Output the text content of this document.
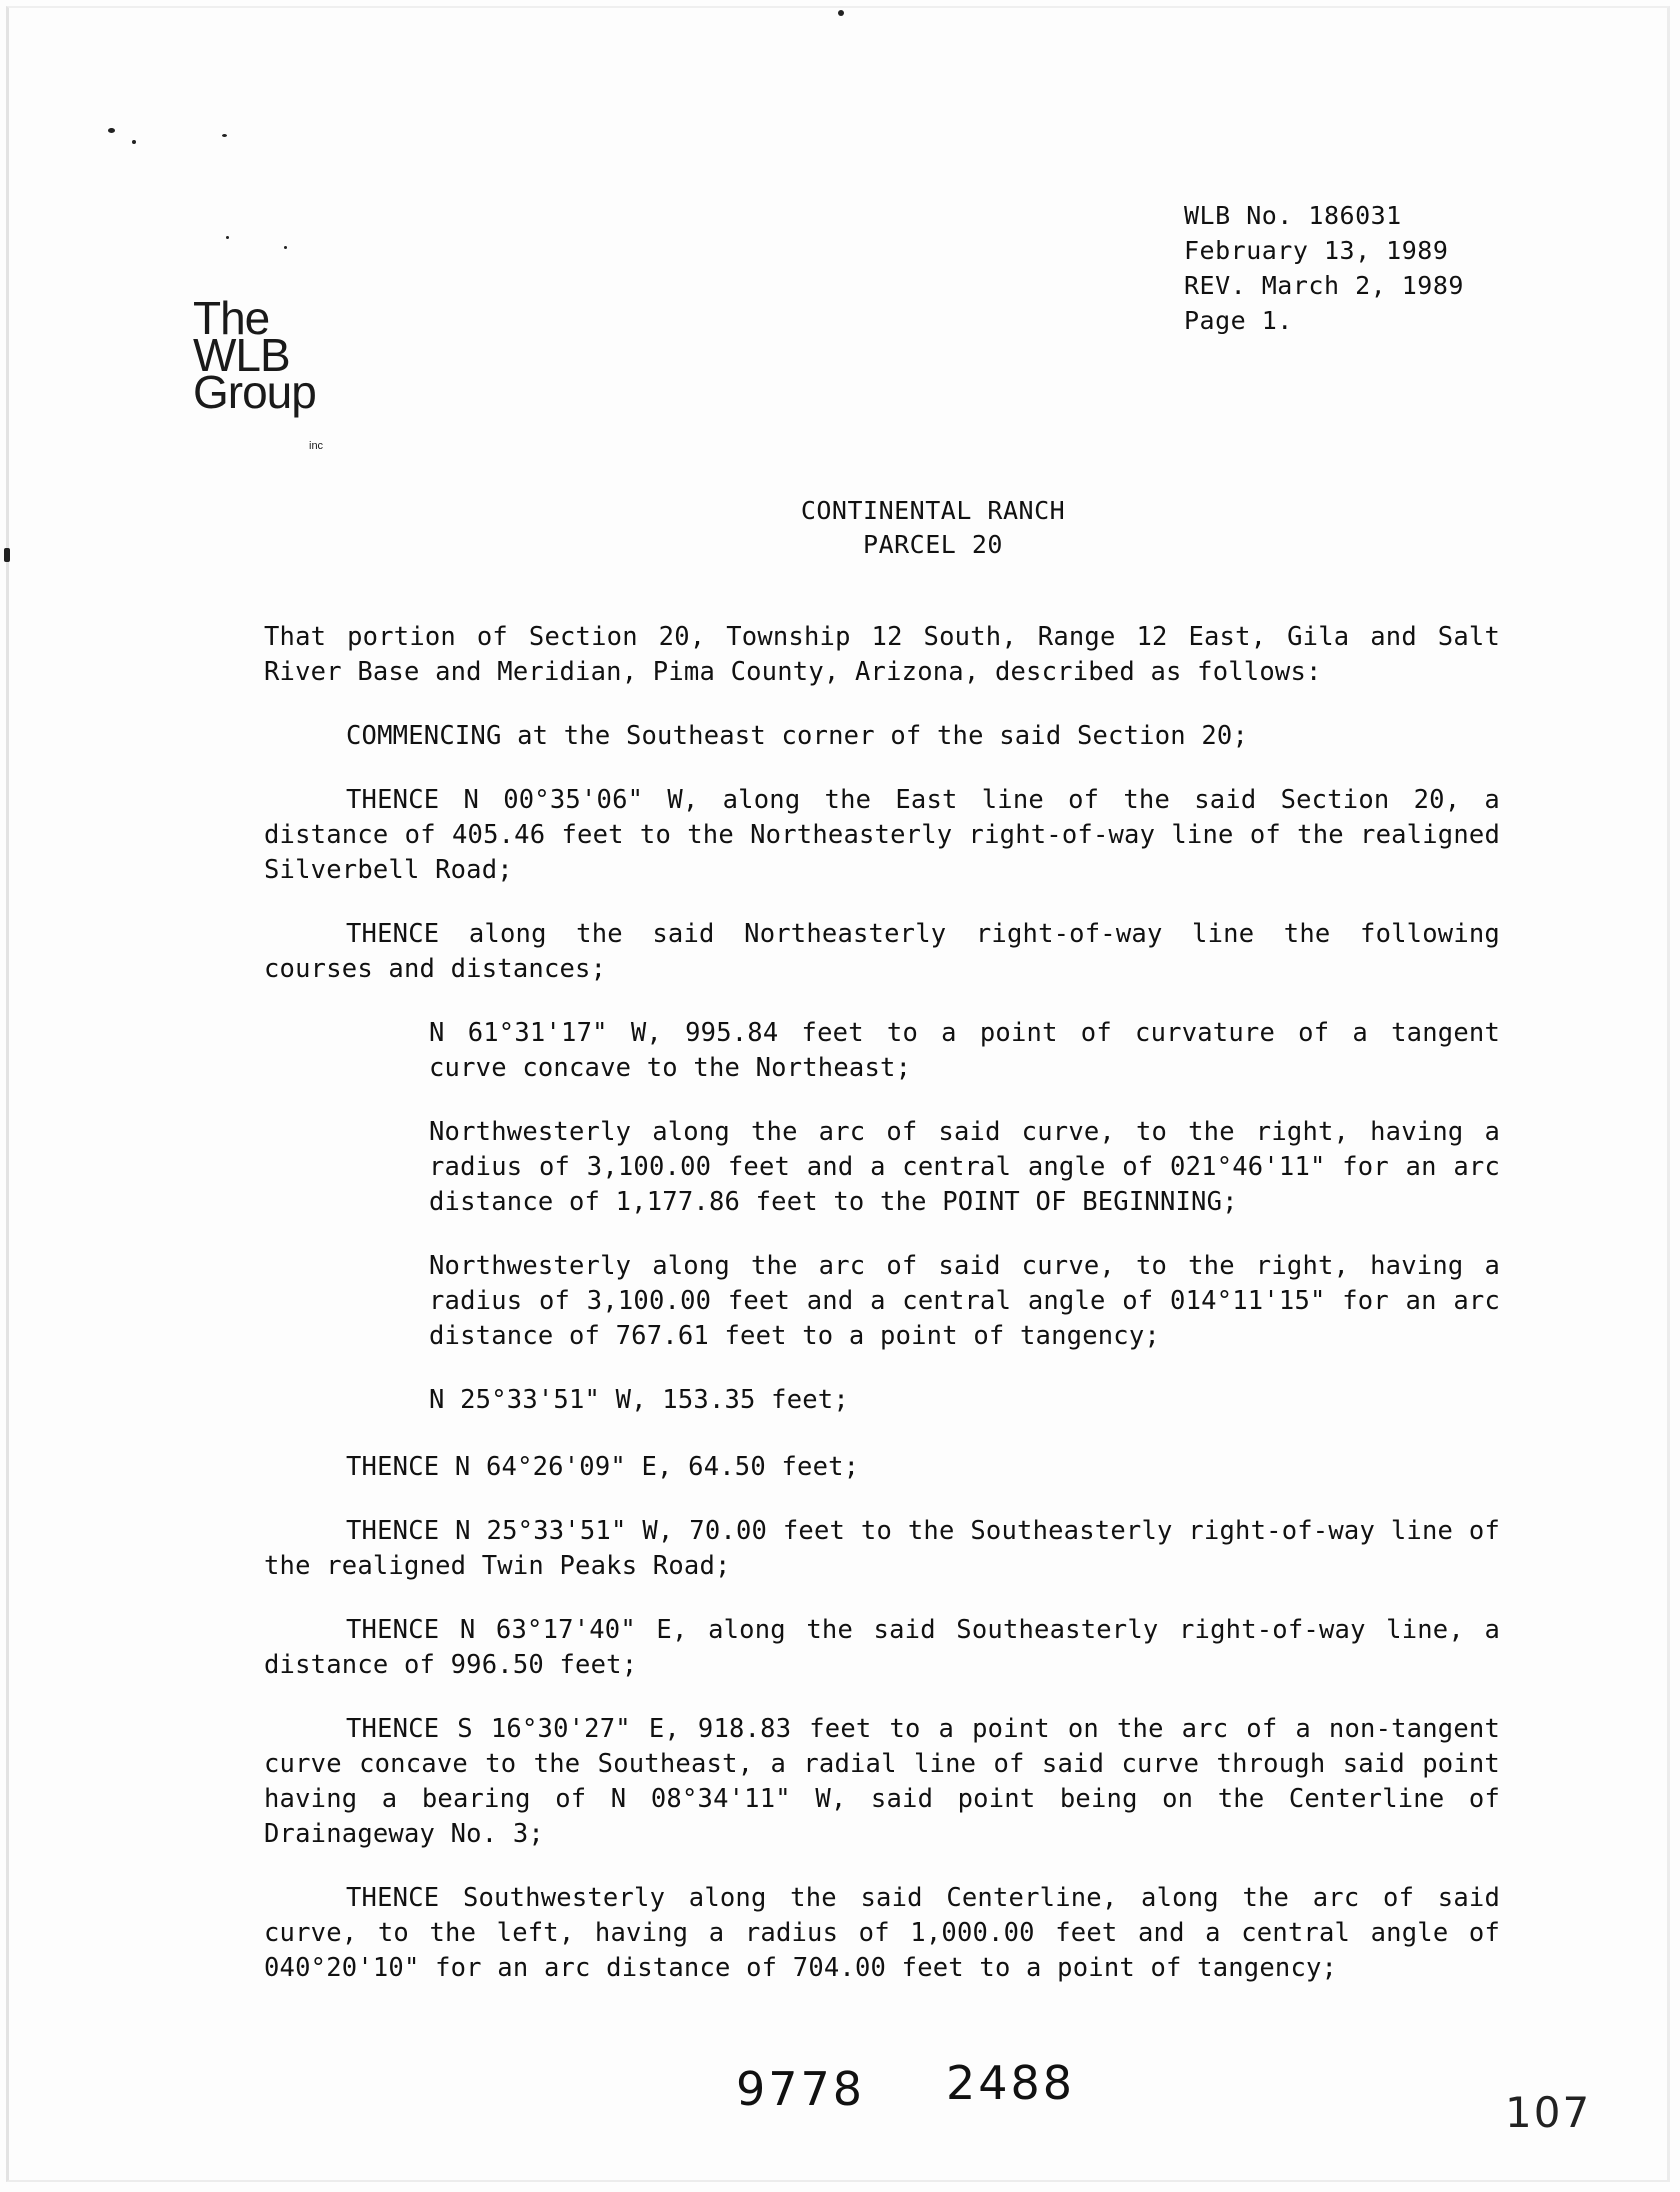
WLB No. 186031
February 13, 1989
REV. March 2, 1989
Page 1.
The
WLB
Group
inc
CONTINENTAL RANCH
PARCEL 20

That portion of Section 20, Township 12 South, Range 12 East, Gila and Salt River Base and Meridian, Pima County, Arizona, described as follows:

COMMENCING at the Southeast corner of the said Section 20;

THENCE N 00°35'06" W, along the East line of the said Section 20, a distance of 405.46 feet to the Northeasterly right-of-way line of the realigned Silverbell Road;

THENCE along the said Northeasterly right-of-way line the following courses and distances;

N 61°31'17" W, 995.84 feet to a point of curvature of a tangent curve concave to the Northeast;

Northwesterly along the arc of said curve, to the right, having a radius of 3,100.00 feet and a central angle of 021°46'11" for an arc distance of 1,177.86 feet to the POINT OF BEGINNING;

Northwesterly along the arc of said curve, to the right, having a radius of 3,100.00 feet and a central angle of 014°11'15" for an arc distance of 767.61 feet to a point of tangency;

N 25°33'51" W, 153.35 feet;

THENCE N 64°26'09" E, 64.50 feet;

THENCE N 25°33'51" W, 70.00 feet to the Southeasterly right-of-way line of the realigned Twin Peaks Road;

THENCE N 63°17'40" E, along the said Southeasterly right-of-way line, a distance of 996.50 feet;

THENCE S 16°30'27" E, 918.83 feet to a point on the arc of a non-tangent curve concave to the Southeast, a radial line of said curve through said point having a bearing of N 08°34'11" W, said point being on the Centerline of Drainageway No. 3;

THENCE Southwesterly along the said Centerline, along the arc of said curve, to the left, having a radius of 1,000.00 feet and a central angle of 040°20'10" for an arc distance of 704.00 feet to a point of tangency;

9778 2488
107
